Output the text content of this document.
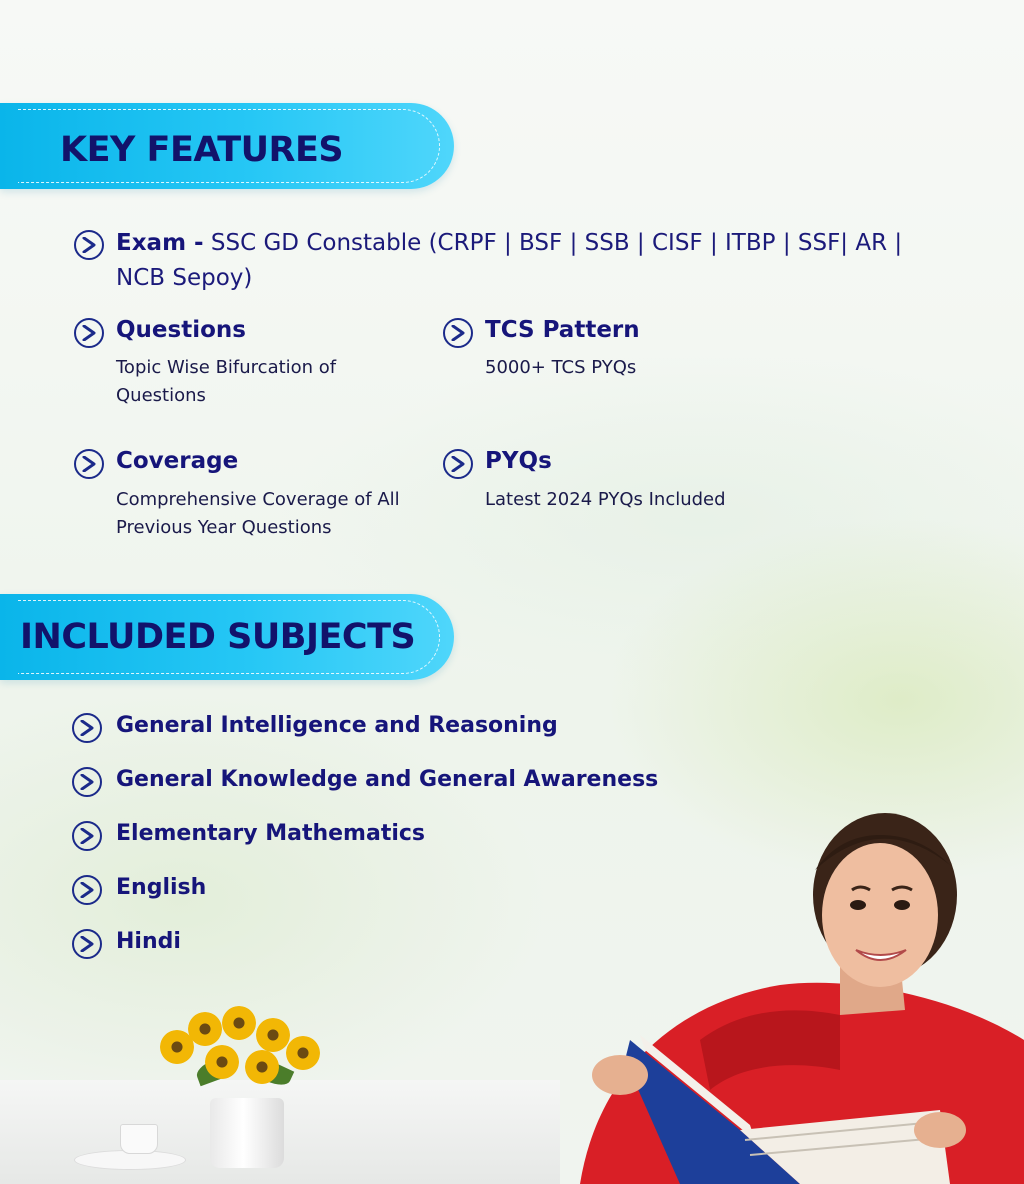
KEY FEATURES
Exam - SSC GD Constable (CRPF | BSF | SSB | CISF | ITBP | SSF| AR | NCB Sepoy)
Questions
Topic Wise Bifurcation of Questions
TCS Pattern
5000+ TCS PYQs
Coverage
Comprehensive Coverage of All Previous Year Questions
PYQs
Latest 2024 PYQs Included
INCLUDED SUBJECTS
General Intelligence and Reasoning
General Knowledge and General Awareness
Elementary Mathematics
English
Hindi
